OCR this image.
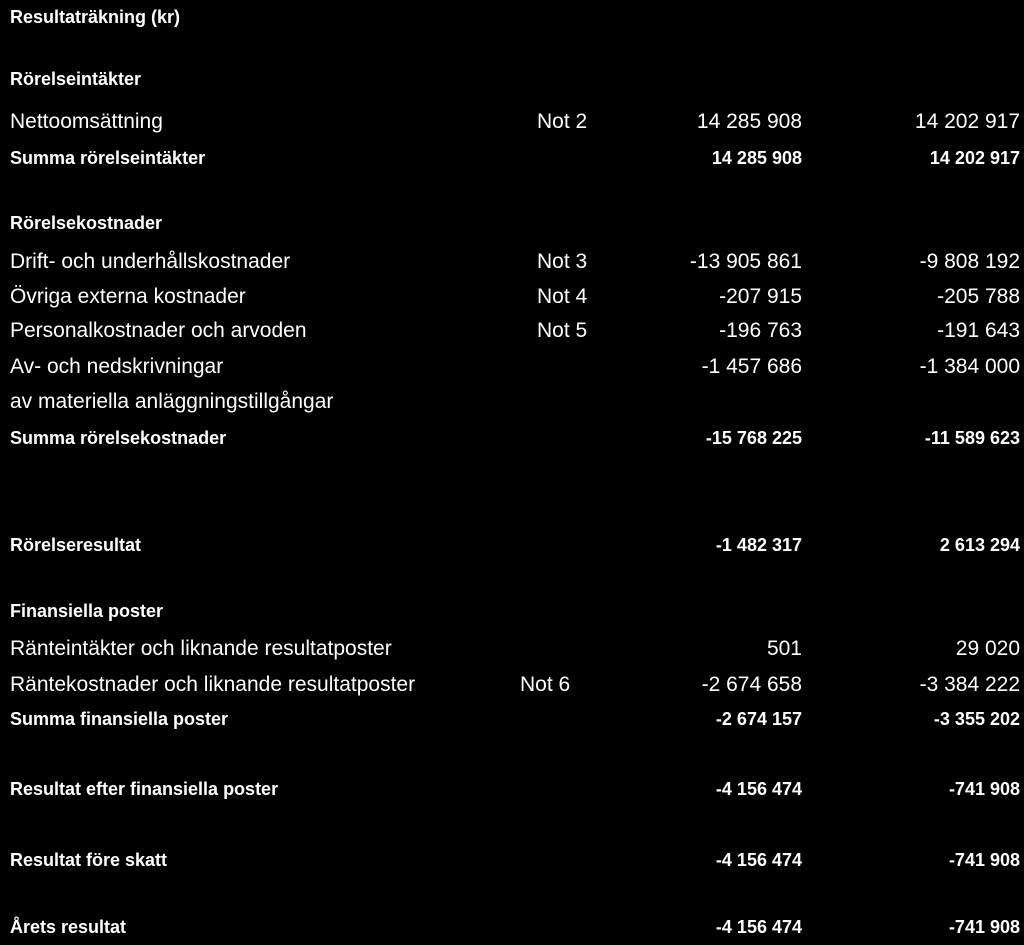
Resultaträkning (kr)
Rörelseintäkter
Nettoomsättning	Not 2	14 285 908	14 202 917
Summa rörelseintäkter	14 285 908	14 202 917
Rörelsekostnader
Drift- och underhållskostnader	Not 3	-13 905 861	-9 808 192
Övriga externa kostnader	Not 4	-207 915	-205 788
Personalkostnader och arvoden	Not 5	-196 763	-191 643
Av- och nedskrivningar	-1 457 686	-1 384 000
av materiella anläggningstillgångar
Summa rörelsekostnader	-15 768 225	-11 589 623
Rörelseresultat	-1 482 317	2 613 294
Finansiella poster
Ränteintäkter och liknande resultatposter	501	29 020
Räntekostnader och liknande resultatposter	Not 6	-2 674 658	-3 384 222
Summa finansiella poster	-2 674 157	-3 355 202
Resultat efter finansiella poster	-4 156 474	-741 908
Resultat före skatt	-4 156 474	-741 908
Årets resultat	-4 156 474	-741 908
